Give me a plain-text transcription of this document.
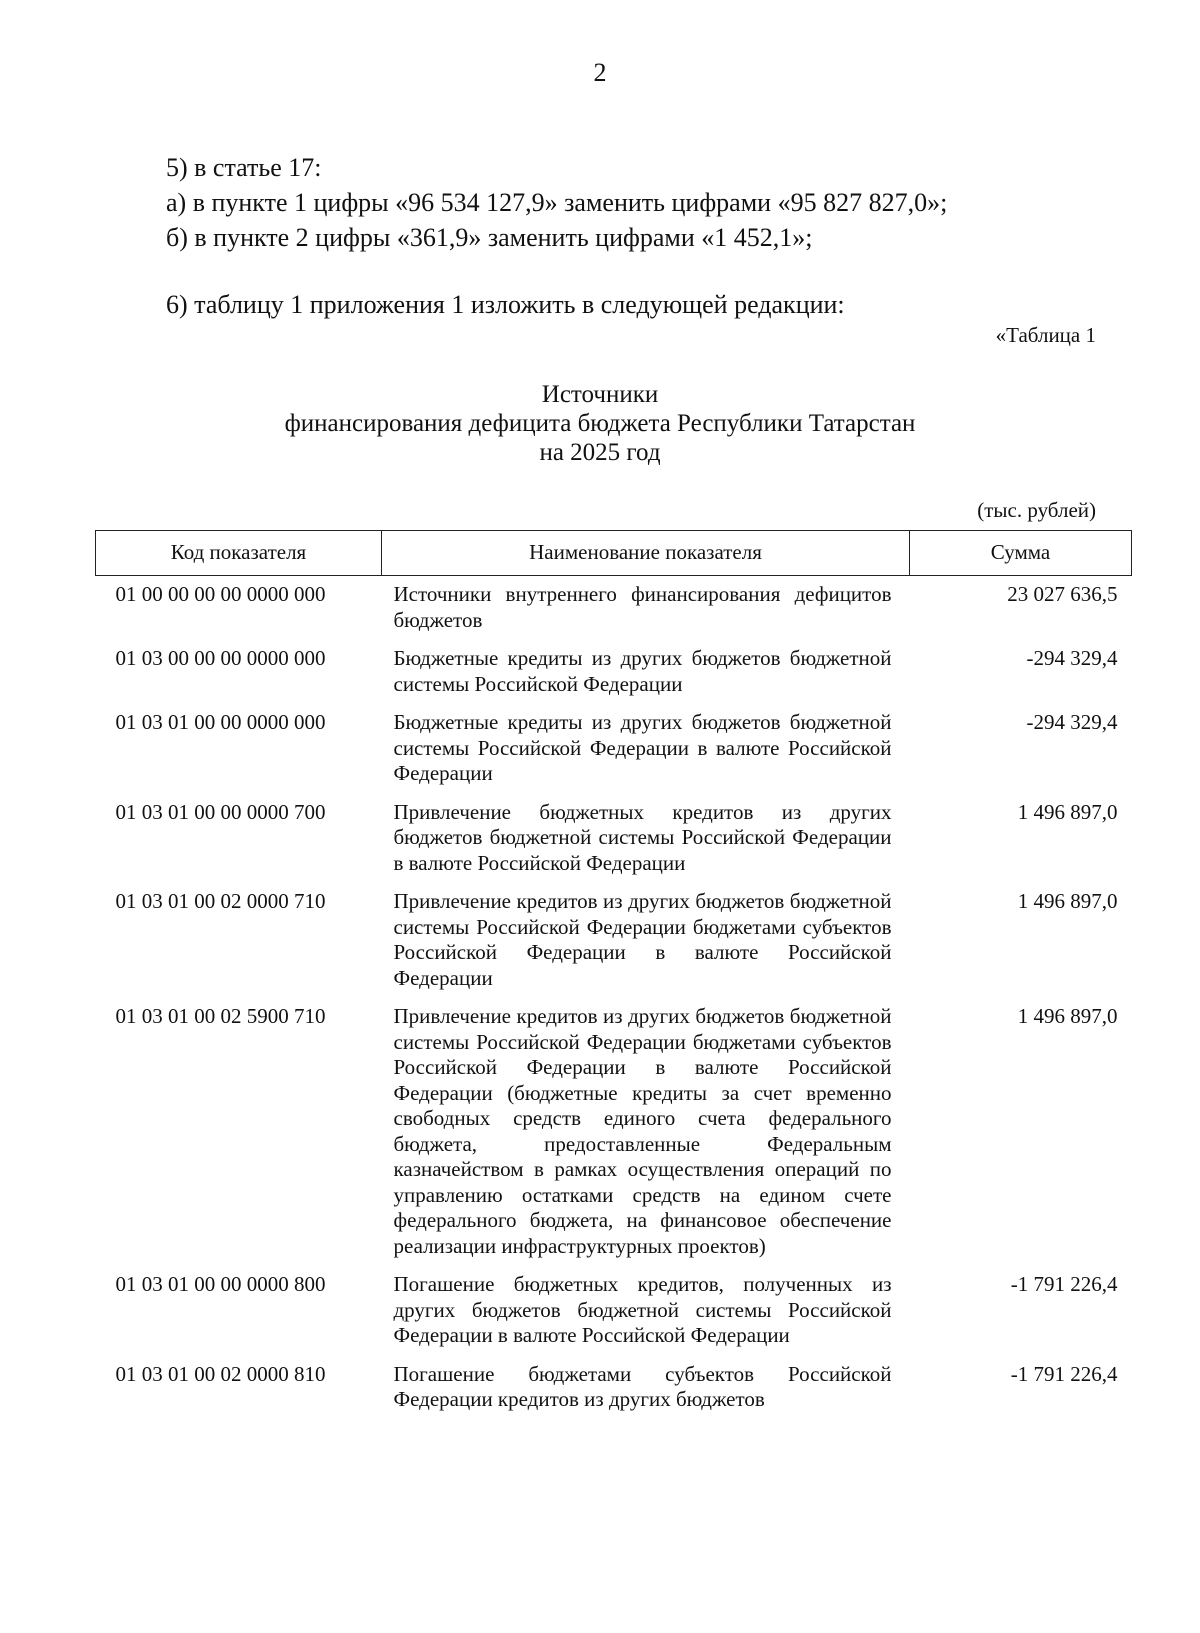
2
5) в статье 17:
а) в пункте 1 цифры «96 534 127,9» заменить цифрами «95 827 827,0»;
б) в пункте 2 цифры «361,9» заменить цифрами «1 452,1»;
6) таблицу 1 приложения 1 изложить в следующей редакции:
«Таблица 1
Источники
финансирования дефицита бюджета Республики Татарстан
на 2025 год
(тыс. рублей)
Код показателя	Наименование показателя	Сумма
01 00 00 00 00 0000 000	Источники внутреннего финансирования дефицитов бюджетов	23 027 636,5
01 03 00 00 00 0000 000	Бюджетные кредиты из других бюджетов бюджетной системы Российской Федерации	-294 329,4
01 03 01 00 00 0000 000	Бюджетные кредиты из других бюджетов бюджетной системы Российской Федерации в валюте Российской Федерации	-294 329,4
01 03 01 00 00 0000 700	Привлечение бюджетных кредитов из других бюджетов бюджетной системы Российской Федерации в валюте Российской Федерации	1 496 897,0
01 03 01 00 02 0000 710	Привлечение кредитов из других бюджетов бюджетной системы Российской Федерации бюджетами субъектов Российской Федерации в валюте Российской Федерации	1 496 897,0
01 03 01 00 02 5900 710	Привлечение кредитов из других бюджетов бюджетной системы Российской Федерации бюджетами субъектов Российской Федерации в валюте Российской Федерации (бюджетные кредиты за счет временно свободных средств единого счета федерального бюджета, предоставленные Федеральным казначейством в рамках осуществления операций по управлению остатками средств на едином счете федерального бюджета, на финансовое обеспечение реализации инфраструктурных проектов)	1 496 897,0
01 03 01 00 00 0000 800	Погашение бюджетных кредитов, полученных из других бюджетов бюджетной системы Российской Федерации в валюте Российской Федерации	-1 791 226,4
01 03 01 00 02 0000 810	Погашение бюджетами субъектов Российской Федерации кредитов из других бюджетов	-1 791 226,4
